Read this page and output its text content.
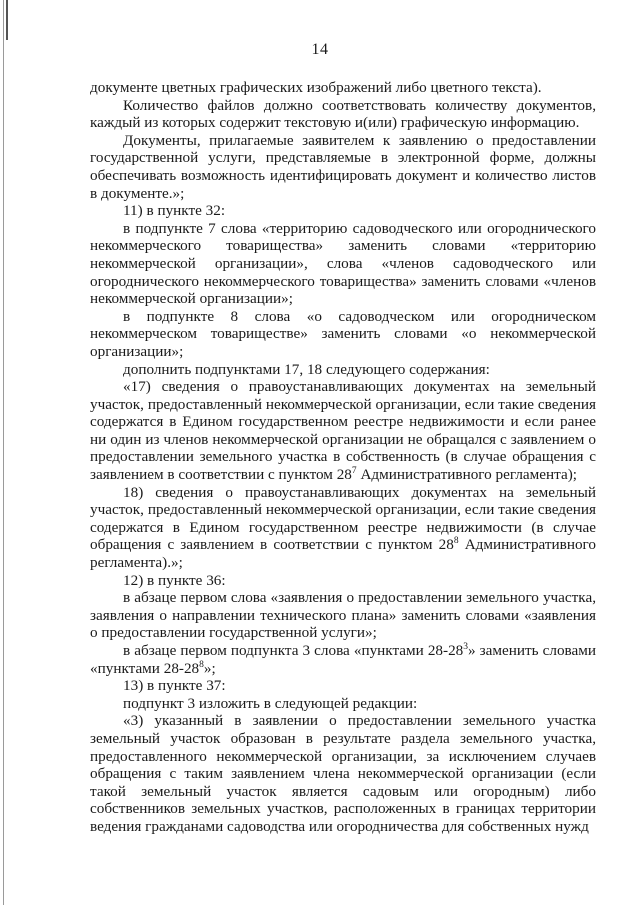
14

документе цветных графических изображений либо цветного текста).

Количество файлов должно соответствовать количеству документов, каждый из которых содержит текстовую и(или) графическую информацию.

Документы, прилагаемые заявителем к заявлению о предоставлении государственной услуги, представляемые в электронной форме, должны обеспечивать возможность идентифицировать документ и количество листов в документе.»;

11) в пункте 32:

в подпункте 7 слова «территорию садоводческого или огороднического некоммерческого товарищества» заменить словами «территорию некоммерческой организации», слова «членов садоводческого или огороднического некоммерческого товарищества» заменить словами «членов некоммерческой организации»;

в подпункте 8 слова «о садоводческом или огородническом некоммерческом товариществе» заменить словами «о некоммерческой организации»;

дополнить подпунктами 17, 18 следующего содержания:

«17) сведения о правоустанавливающих документах на земельный участок, предоставленный некоммерческой организации, если такие сведения содержатся в Едином государственном реестре недвижимости и если ранее ни один из членов некоммерческой организации не обращался с заявлением о предоставлении земельного участка в собственность (в случае обращения с заявлением в соответствии с пунктом $28^7$ Административного регламента);

18) сведения о правоустанавливающих документах на земельный участок, предоставленный некоммерческой организации, если такие сведения содержатся в Едином государственном реестре недвижимости (в случае обращения с заявлением в соответствии с пунктом $28^8$ Административного регламента).»;

12) в пункте 36:

в абзаце первом слова «заявления о предоставлении земельного участка, заявления о направлении технического плана» заменить словами «заявления о предоставлении государственной услуги»;

в абзаце первом подпункта 3 слова «пунктами $28-28^3$» заменить словами «пунктами $28-28^8$»;

13) в пункте 37:

подпункт 3 изложить в следующей редакции:

«3) указанный в заявлении о предоставлении земельного участка земельный участок образован в результате раздела земельного участка, предоставленного некоммерческой организации, за исключением случаев обращения с таким заявлением члена некоммерческой организации (если такой земельный участок является садовым или огородным) либо собственников земельных участков, расположенных в границах территории ведения гражданами садоводства или огородничества для собственных нужд
